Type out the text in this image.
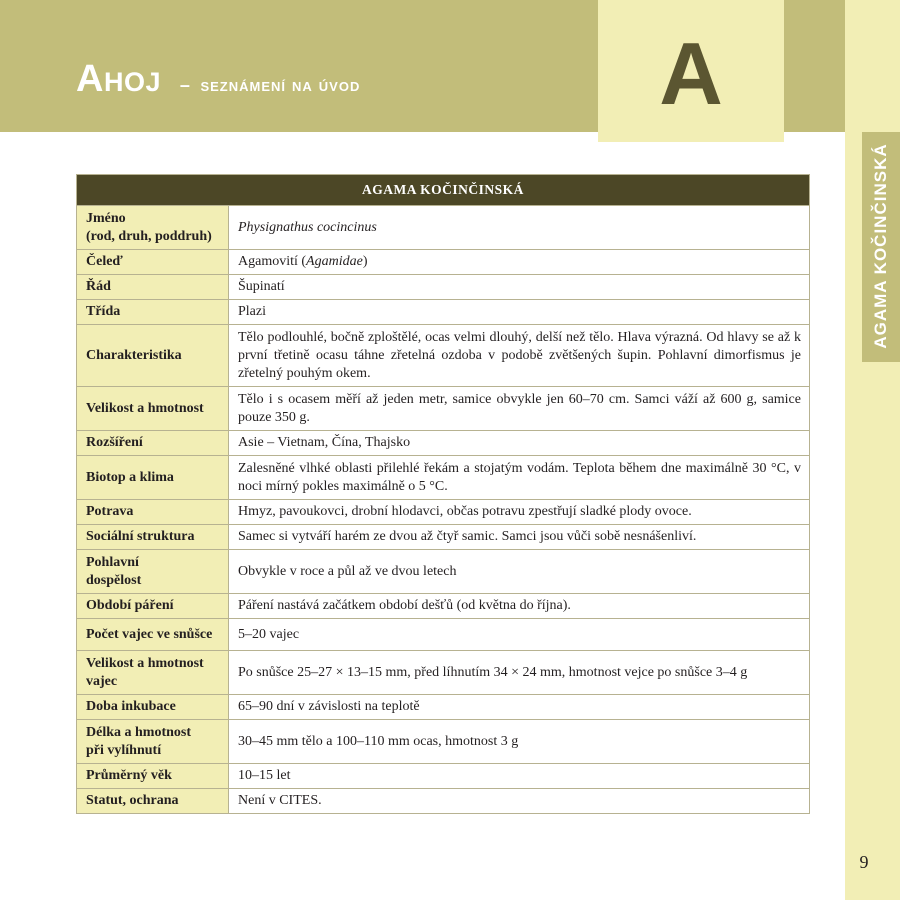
Ahoj – seznámení na úvod	A
AGAMA KOČINČINSKÁ
9
AGAMA KOČINČINSKÁ	
Jméno
(rod, druh, poddruh)	Physignathus cocincinus
Čeleď	Agamovití (Agamidae)
Řád	Šupinatí
Třída	Plazi
Charakteristika	Tělo podlouhlé, bočně zploštělé, ocas velmi dlouhý, delší než tělo. Hlava výrazná. Od hlavy se až k první třetině ocasu táhne zřetelná ozdoba v podobě zvětšených šupin. Pohlavní dimorfismus je zřetelný pouhým okem.
Velikost a hmotnost	Tělo i s ocasem měří až jeden metr, samice obvykle jen 60–70 cm. Samci váží až 600 g, samice pouze 350 g.
Rozšíření	Asie – Vietnam, Čína, Thajsko
Biotop a klima	Zalesněné vlhké oblasti přilehlé řekám a stojatým vodám. Teplota během dne maximálně 30 °C, v noci mírný pokles maximálně o 5 °C.
Potrava	Hmyz, pavoukovci, drobní hlodavci, občas potravu zpestřují sladké plody ovoce.
Sociální struktura	Samec si vytváří harém ze dvou až čtyř samic. Samci jsou vůči sobě nesnášenliví.
Pohlavní
dospělost	Obvykle v roce a půl až ve dvou letech
Období páření	Páření nastává začátkem období dešťů (od května do října).
Počet vajec ve snůšce	5–20 vajec
Velikost a hmotnost vajec	Po snůšce 25–27 × 13–15 mm, před líhnutím 34 × 24 mm, hmotnost vejce po snůšce 3–4 g
Doba inkubace	65–90 dní v závislosti na teplotě
Délka a hmotnost
při vylíhnutí	30–45 mm tělo a 100–110 mm ocas, hmotnost 3 g
Průměrný věk	10–15 let
Statut, ochrana	Není v CITES.
